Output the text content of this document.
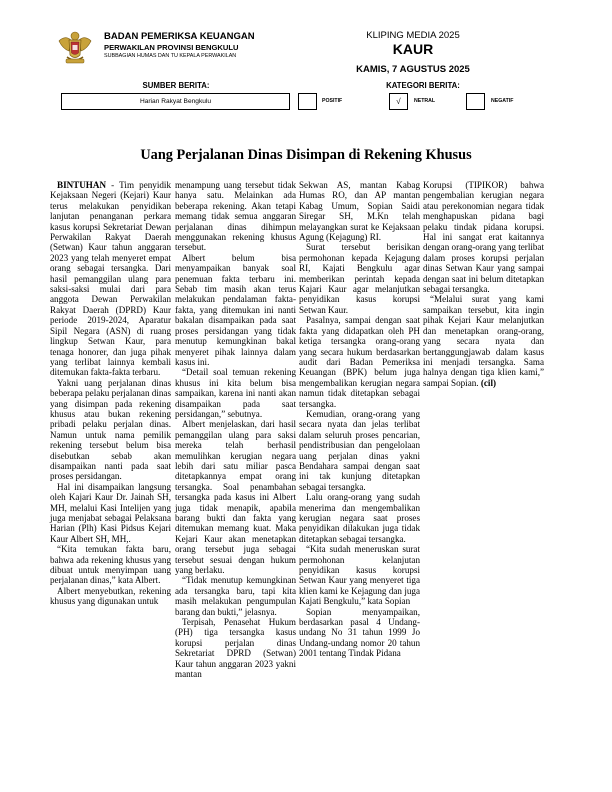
BADAN PEMERIKSA KEUANGAN
PERWAKILAN PROVINSI BENGKULU
SUBBAGIAN HUMAS DAN TU KEPALA PERWAKILAN
KLIPING MEDIA 2025
KAUR
KAMIS, 7 AGUSTUS 2025
SUMBER BERITA:	KATEGORI BERITA:
Harian Rakyat Bengkulu	POSITIF	√	NETRAL	NEGATIF
Uang Perjalanan Dinas Disimpan di Rekening Khusus

BINTUHAN - Tim penyidik Kejaksaan Negeri (Kejari) Kaur terus melakukan penyidikan lanjutan penanganan perkara kasus korupsi Sekretariat Dewan Perwakilan Rakyat Daerah (Setwan) Kaur tahun anggaran 2023 yang telah menyeret empat orang sebagai tersangka. Dari hasil pemanggilan ulang para saksi-saksi mulai dari para anggota Dewan Perwakilan Rakyat Daerah (DPRD) Kaur periode 2019-2024, Aparatur Sipil Negara (ASN) di ruang lingkup Setwan Kaur, para tenaga honorer, dan juga pihak yang terlibat lainnya kembali ditemukan fakta-fakta terbaru.

Yakni uang perjalanan dinas beberapa pelaku perjalanan dinas yang disimpan pada rekening khusus atau bukan rekening pribadi pelaku perjalan dinas. Namun untuk nama pemilik rekening tersebut belum bisa disebutkan sebab akan disampaikan nanti pada saat proses persidangan.

Hal ini disampaikan langsung oleh Kajari Kaur Dr. Jainah SH, MH, melalui Kasi Intelijen yang juga menjabat sebagai Pelaksana Harian (Plh) Kasi Pidsus Kejari Kaur Albert SH, MH,.

“Kita temukan fakta baru, bahwa ada rekening khusus yang dibuat untuk menyimpan uang perjalanan dinas,” kata Albert.

Albert menyebutkan, rekening khusus yang digunakan untuk

menampung uang tersebut tidak hanya satu. Melainkan ada beberapa rekening. Akan tetapi memang tidak semua anggaran perjalanan dinas dihimpun menggunakan rekening khusus tersebut.

Albert belum bisa menyampaikan banyak soal penemuan fakta terbaru ini. Sebab tim masih akan terus melakukan pendalaman fakta-fakta, yang ditemukan ini nanti bakalan disampaikan pada saat proses persidangan yang tidak menutup kemungkinan bakal menyeret pihak lainnya dalam kasus ini.

“Detail soal temuan rekening khusus ini kita belum bisa sampaikan, karena ini nanti akan disampaikan pada saat persidangan,” sebutnya.

Albert menjelaskan, dari hasil pemanggilan ulang para saksi mereka telah berhasil memulihkan kerugian negara lebih dari satu miliar pasca ditetapkannya empat orang tersangka. Soal penambahan tersangka pada kasus ini Albert juga tidak menapik, apabila barang bukti dan fakta yang ditemukan memang kuat. Maka Kejari Kaur akan menetapkan orang tersebut juga sebagai tersebut sesuai dengan hukum yang berlaku.

“Tidak menutup kemungkinan ada tersangka baru, tapi kita masih melakukan pengumpulan barang dan bukti,” jelasnya.

Terpisah, Penasehat Hukum (PH) tiga tersangka kasus korupsi perjalan dinas Sekretariat DPRD (Setwan) Kaur tahun anggaran 2023 yakni mantan

Sekwan AS, mantan Kabag Humas RO, dan AP mantan Kabag Umum, Sopian Saidi Siregar SH, M.Kn telah melayangkan surat ke Kejaksaan Agung (Kejagung) RI.

Surat tersebut berisikan permohonan kepada Kejagung RI, Kajati Bengkulu agar memberikan perintah kepada Kajari Kaur agar melanjutkan penyidikan kasus korupsi Setwan Kaur.

Pasalnya, sampai dengan saat fakta yang didapatkan oleh PH ketiga tersangka orang-orang yang secara hukum berdasarkan audit dari Badan Pemeriksa Keuangan (BPK) belum juga mengembalikan kerugian negara namun tidak ditetapkan sebagai tersangka.

Kemudian, orang-orang yang secara nyata dan jelas terlibat dalam seluruh proses pencarian, pendistribusian dan pengelolaan uang perjalan dinas yakni Bendahara sampai dengan saat ini tak kunjung ditetapkan sebagai tersangka.

Lalu orang-orang yang sudah menerima dan mengembalikan kerugian negara saat proses penyidikan dilakukan juga tidak ditetapkan sebagai tersangka.

“Kita sudah meneruskan surat permohonan kelanjutan penyidikan kasus korupsi Setwan Kaur yang menyeret tiga klien kami ke Kejagung dan juga Kajati Bengkulu,” kata Sopian

Sopian menyampaikan, berdasarkan pasal 4 Undang-undang No 31 tahun 1999 Jo Undang-undang nomor 20 tahun 2001 tentang Tindak Pidana

Korupsi (TIPIKOR) bahwa pengembalian kerugian negara atau perekonomian negara tidak menghapuskan pidana bagi pelaku tindak pidana korupsi. Hal ini sangat erat kaitannya dengan orang-orang yang terlibat dalam proses korupsi perjalan dinas Setwan Kaur yang sampai dengan saat ini belum ditetapkan sebagai tersangka.

“Melalui surat yang kami sampaikan tersebut, kita ingin pihak Kejari Kaur melanjutkan dan menetapkan orang-orang, yang secara nyata dan bertanggungjawab dalam kasus ini menjadi tersangka. Sama halnya dengan tiga klien kami,” sampai Sopian. (cil)
